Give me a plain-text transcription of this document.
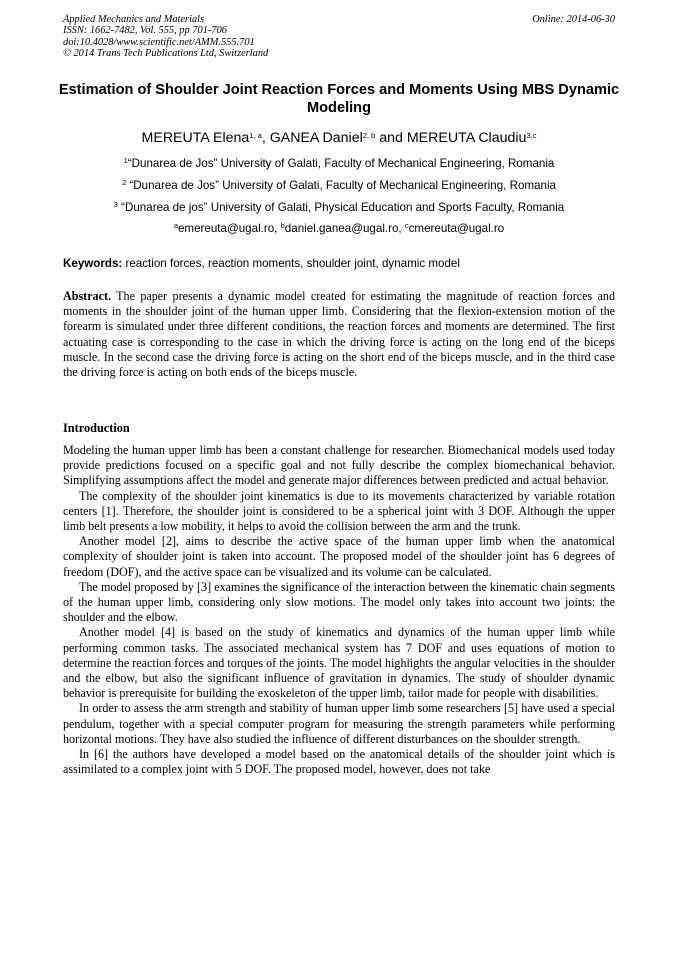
Applied Mechanics and Materials
ISSN: 1662-7482, Vol. 555, pp 701-706
doi:10.4028/www.scientific.net/AMM.555.701
© 2014 Trans Tech Publications Ltd, Switzerland
Online: 2014-06-30
Estimation of Shoulder Joint Reaction Forces and Moments Using MBS Dynamic Modeling
MEREUTA Elena$^{1, a}$, GANEA Daniel$^{2, b}$ and MEREUTA Claudiu$^{3,c}$
$^1$“Dunarea de Jos” University of Galati, Faculty of Mechanical Engineering, Romania
$^2$ “Dunarea de Jos” University of Galati, Faculty of Mechanical Engineering, Romania
$^3$ “Dunarea de jos” University of Galati, Physical Education and Sports Faculty, Romania
$^a$emereuta@ugal.ro, $^b$daniel.ganea@ugal.ro, $^c$cmereuta@ugal.ro
Keywords: reaction forces, reaction moments, shoulder joint, dynamic model

Abstract. The paper presents a dynamic model created for estimating the magnitude of reaction forces and moments in the shoulder joint of the human upper limb. Considering that the flexion-extension motion of the forearm is simulated under three different conditions, the reaction forces and moments are determined. The first actuating case is corresponding to the case in which the driving force is acting on the long end of the biceps muscle. In the second case the driving force is acting on the short end of the biceps muscle, and in the third case the driving force is acting on both ends of the biceps muscle.

Introduction

Modeling the human upper limb has been a constant challenge for researcher. Biomechanical models used today provide predictions focused on a specific goal and not fully describe the complex biomechanical behavior. Simplifying assumptions affect the model and generate major differences between predicted and actual behavior.

The complexity of the shoulder joint kinematics is due to its movements characterized by variable rotation centers [1]. Therefore, the shoulder joint is considered to be a spherical joint with 3 DOF. Although the upper limb belt presents a low mobility, it helps to avoid the collision between the arm and the trunk.

Another model [2], aims to describe the active space of the human upper limb when the anatomical complexity of shoulder joint is taken into account. The proposed model of the shoulder joint has 6 degrees of freedom (DOF), and the active space can be visualized and its volume can be calculated.

The model proposed by [3] examines the significance of the interaction between the kinematic chain segments of the human upper limb, considering only slow motions. The model only takes into account two joints: the shoulder and the elbow.

Another model [4] is based on the study of kinematics and dynamics of the human upper limb while performing common tasks. The associated mechanical system has 7 DOF and uses equations of motion to determine the reaction forces and torques of the joints. The model highlights the angular velocities in the shoulder and the elbow, but also the significant influence of gravitation in dynamics. The study of shoulder dynamic behavior is prerequisite for building the exoskeleton of the upper limb, tailor made for people with disabilities.

In order to assess the arm strength and stability of human upper limb some researchers [5] have used a special pendulum, together with a special computer program for measuring the strength parameters while performing horizontal motions. They have also studied the influence of different disturbances on the shoulder strength.

In [6] the authors have developed a model based on the anatomical details of the shoulder joint which is assimilated to a complex joint with 5 DOF. The proposed model, however, does not take
